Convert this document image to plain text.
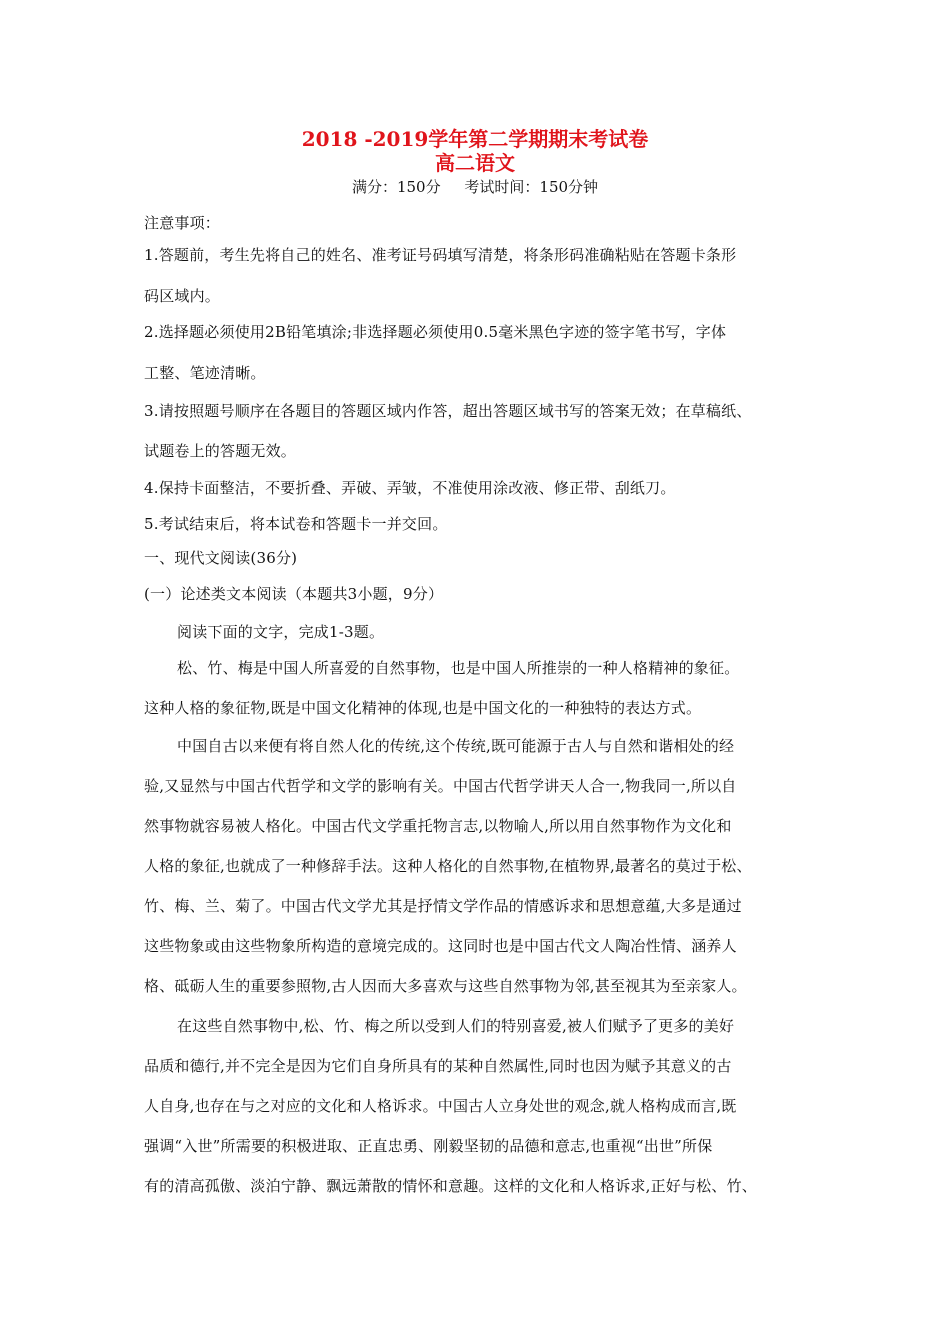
2018 -2019学年第二学期期末考试卷
高二语文
满分：150分     考试时间：150分钟
注意事项：
1.答题前，考生先将自己的姓名、准考证号码填写清楚，将条形码准确粘贴在答题卡条形
码区域内。
2.选择题必须使用2B铅笔填涂;非选择题必须使用0.5毫米黑色字迹的签字笔书写，字体
工整、笔迹清晰。
3.请按照题号顺序在各题目的答题区域内作答，超出答题区域书写的答案无效；在草稿纸、
试题卷上的答题无效。
4.保持卡面整洁，不要折叠、弄破、弄皱，不准使用涂改液、修正带、刮纸刀。
5.考试结束后，将本试卷和答题卡一并交回。
一、现代文阅读(36分)
(一）论述类文本阅读（本题共3小题，9分）
阅读下面的文字，完成1-3题。
松、竹、梅是中国人所喜爱的自然事物，也是中国人所推崇的一种人格精神的象征。
这种人格的象征物,既是中国文化精神的体现,也是中国文化的一种独特的表达方式。
中国自古以来便有将自然人化的传统,这个传统,既可能源于古人与自然和谐相处的经
验,又显然与中国古代哲学和文学的影响有关。中国古代哲学讲天人合一,物我同一,所以自
然事物就容易被人格化。中国古代文学重托物言志,以物喻人,所以用自然事物作为文化和
人格的象征,也就成了一种修辞手法。这种人格化的自然事物,在植物界,最著名的莫过于松、
竹、梅、兰、菊了。中国古代文学尤其是抒情文学作品的情感诉求和思想意蕴,大多是通过
这些物象或由这些物象所构造的意境完成的。这同时也是中国古代文人陶冶性情、涵养人
格、砥砺人生的重要参照物,古人因而大多喜欢与这些自然事物为邻,甚至视其为至亲家人。
在这些自然事物中,松、竹、梅之所以受到人们的特别喜爱,被人们赋予了更多的美好
品质和德行,并不完全是因为它们自身所具有的某种自然属性,同时也因为赋予其意义的古
人自身,也存在与之对应的文化和人格诉求。中国古人立身处世的观念,就人格构成而言,既
强调“入世”所需要的积极进取、正直忠勇、刚毅坚韧的品德和意志,也重视“出世”所保
有的清高孤傲、淡泊宁静、飘远萧散的情怀和意趣。这样的文化和人格诉求,正好与松、竹、
